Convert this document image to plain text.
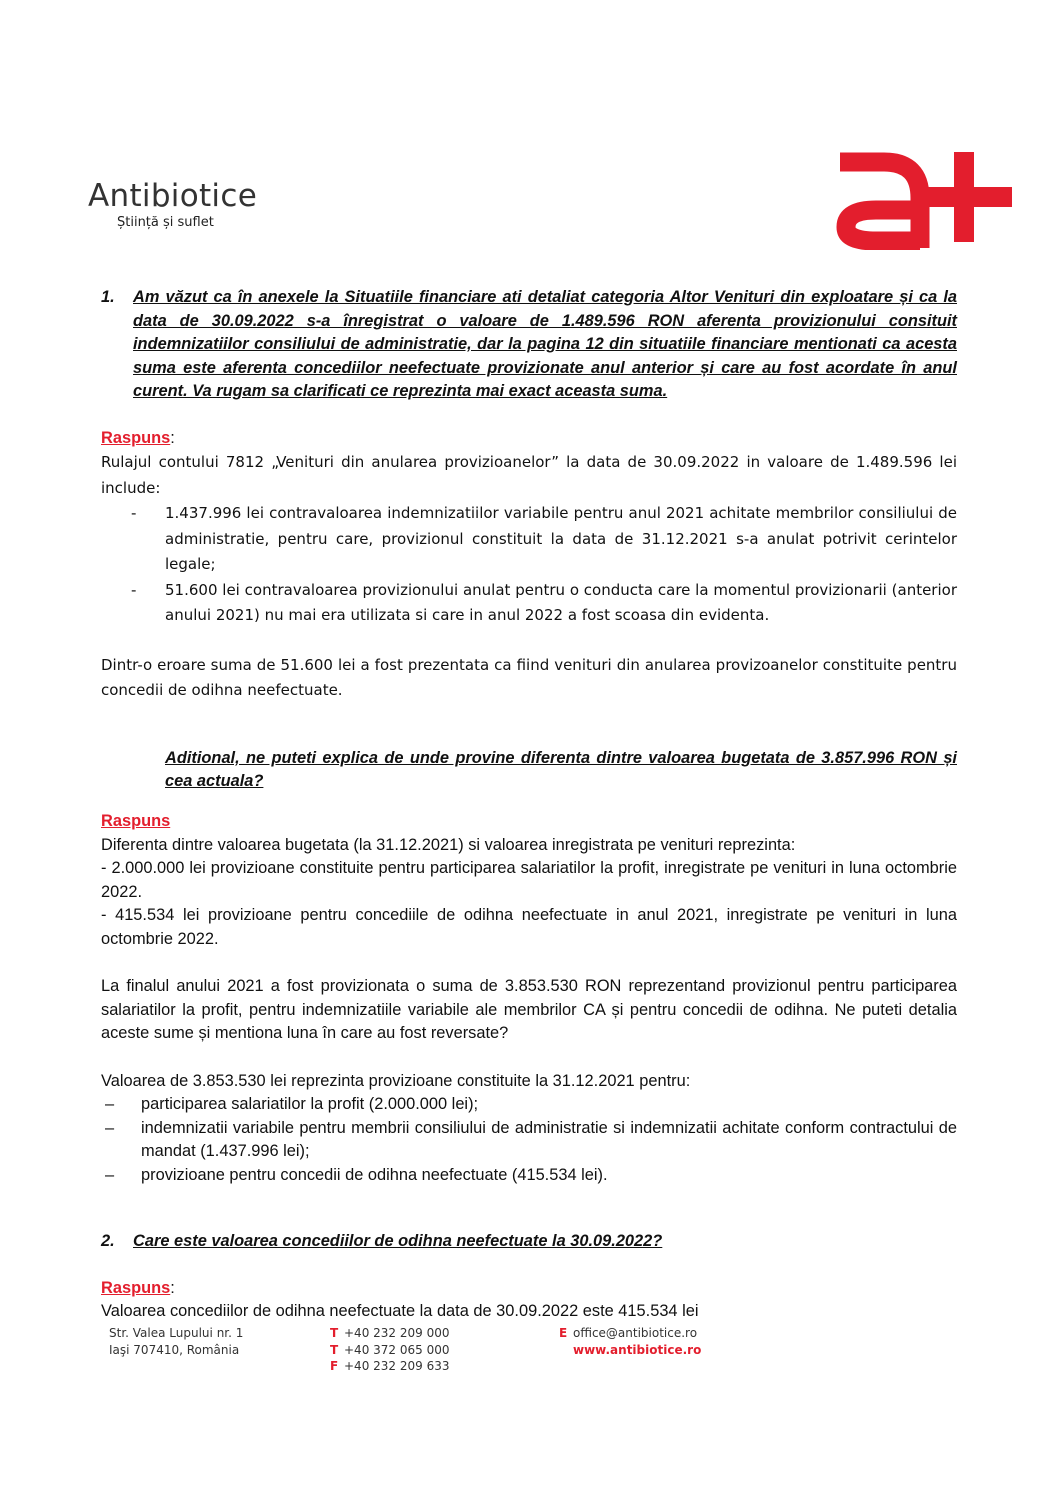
Antibiotice
Știință și suflet
1.	Am văzut ca în anexele la Situatiile financiare ati detaliat categoria Altor Venituri din exploatare și ca la data de 30.09.2022 s-a înregistrat o valoare de 1.489.596 RON aferenta provizionului consituit indemnizatiilor consiliului de administratie, dar la pagina 12 din situatiile financiare mentionati ca acesta suma este aferenta concediilor neefectuate provizionate anul anterior și care au fost acordate în anul curent. Va rugam sa clarificati ce reprezinta mai exact aceasta suma.

Raspuns:

Rulajul contului 7812 „Venituri din anularea provizioanelor” la data de 30.09.2022 in valoare de 1.489.596 lei include:

-	1.437.996 lei contravaloarea indemnizatiilor variabile pentru anul 2021 achitate membrilor consiliului de administratie, pentru care, provizionul constituit la data de 31.12.2021 s-a anulat potrivit cerintelor legale;
-	51.600 lei contravaloarea provizionului anulat pentru o conducta care la momentul provizionarii (anterior anului 2021) nu mai era utilizata si care in anul 2022 a fost scoasa din evidenta.

Dintr-o eroare suma de 51.600 lei a fost prezentata ca fiind venituri din anularea provizoanelor constituite pentru concedii de odihna neefectuate.

Aditional, ne puteti explica de unde provine diferenta dintre valoarea bugetata de 3.857.996 RON și cea actuala?

Raspuns

Diferenta dintre valoarea bugetata (la 31.12.2021) si valoarea inregistrata pe venituri reprezinta:

- 2.000.000 lei provizioane constituite pentru participarea salariatilor la profit, inregistrate pe venituri in luna octombrie 2022.

- 415.534 lei provizioane pentru concediile de odihna neefectuate in anul 2021, inregistrate pe venituri in luna octombrie 2022.

La finalul anului 2021 a fost provizionata o suma de 3.853.530 RON reprezentand provizionul pentru participarea salariatilor la profit, pentru indemnizatiile variabile ale membrilor CA și pentru concedii de odihna. Ne puteti detalia aceste sume și mentiona luna în care au fost reversate?

Valoarea de 3.853.530 lei reprezinta provizioane constituite la 31.12.2021 pentru:

–	participarea salariatilor la profit (2.000.000 lei);
–	indemnizatii variabile pentru membrii consiliului de administratie si indemnizatii achitate conform contractului de mandat (1.437.996 lei);
–	provizioane pentru concedii de odihna neefectuate (415.534 lei).
2.	Care este valoarea concediilor de odihna neefectuate la 30.09.2022?

Raspuns:

Valoarea concediilor de odihna neefectuate la data de 30.09.2022 este 415.534 lei

Str. Valea Lupului nr. 1
Iaşi 707410, România
T +40 232 209 000
T +40 372 065 000
F +40 232 209 633
E office@antibiotice.ro
www.antibiotice.ro
